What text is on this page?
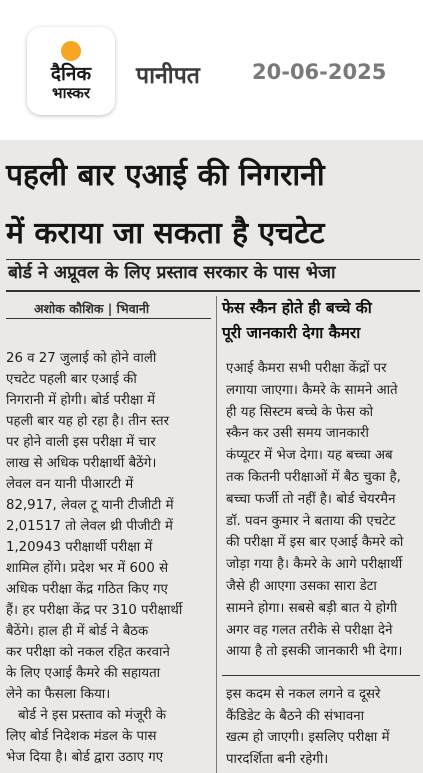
दैनिक
भास्कर
पानीपत 20-06-2025
पहली बार एआई की निगरानी
में कराया जा सकता है एचटेट
बोर्ड ने अप्रूवल के लिए प्रस्ताव सरकार के पास भेजा
अशोक कौशिक | भिवानी
26 व 27 जुलाई को होने वाली
एचटेट पहली बार एआई की
निगरानी में होगी। बोर्ड परीक्षा में
पहली बार यह हो रहा है। तीन स्तर
पर होने वाली इस परीक्षा में चार
लाख से अधिक परीक्षार्थी बैठेंगे।
लेवल वन यानी पीआरटी में
82,917, लेवल टू यानी टीजीटी में
2,01517 तो लेवल थ्री पीजीटी में
1,20943 परीक्षार्थी परीक्षा में
शामिल होंगे। प्रदेश भर में 600 से
अधिक परीक्षा केंद्र गठित किए गए
हैं। हर परीक्षा केंद्र पर 310 परीक्षार्थी
बैठेंगे। हाल ही में बोर्ड ने बैठक
कर परीक्षा को नकल रहित करवाने
के लिए एआई कैमरे की सहायता
लेने का फैसला किया।
बोर्ड ने इस प्रस्ताव को मंजूरी के
लिए बोर्ड निदेशक मंडल के पास
भेज दिया है। बोर्ड द्वारा उठाए गए
फेस स्कैन होते ही बच्चे की
पूरी जानकारी देगा कैमरा
एआई कैमरा सभी परीक्षा केंद्रों पर
लगाया जाएगा। कैमरे के सामने आते
ही यह सिस्टम बच्चे के फेस को
स्कैन कर उसी समय जानकारी
कंप्यूटर में भेज देगा। यह बच्चा अब
तक कितनी परीक्षाओं में बैठ चुका है,
बच्चा फर्जी तो नहीं है। बोर्ड चेयरमैन
डॉ. पवन कुमार ने बताया की एचटेट
की परीक्षा में इस बार एआई कैमरे को
जोड़ा गया है। कैमरे के आगे परीक्षार्थी
जैसे ही आएगा उसका सारा डेटा
सामने होगा। सबसे बड़ी बात ये होगी
अगर वह गलत तरीके से परीक्षा देने
आया है तो इसकी जानकारी भी देगा।
इस कदम से नकल लगने व दूसरे
कैंडिडेट के बैठने की संभावना
खत्म हो जाएगी। इसलिए परीक्षा में
पारदर्शिता बनी रहेगी।
